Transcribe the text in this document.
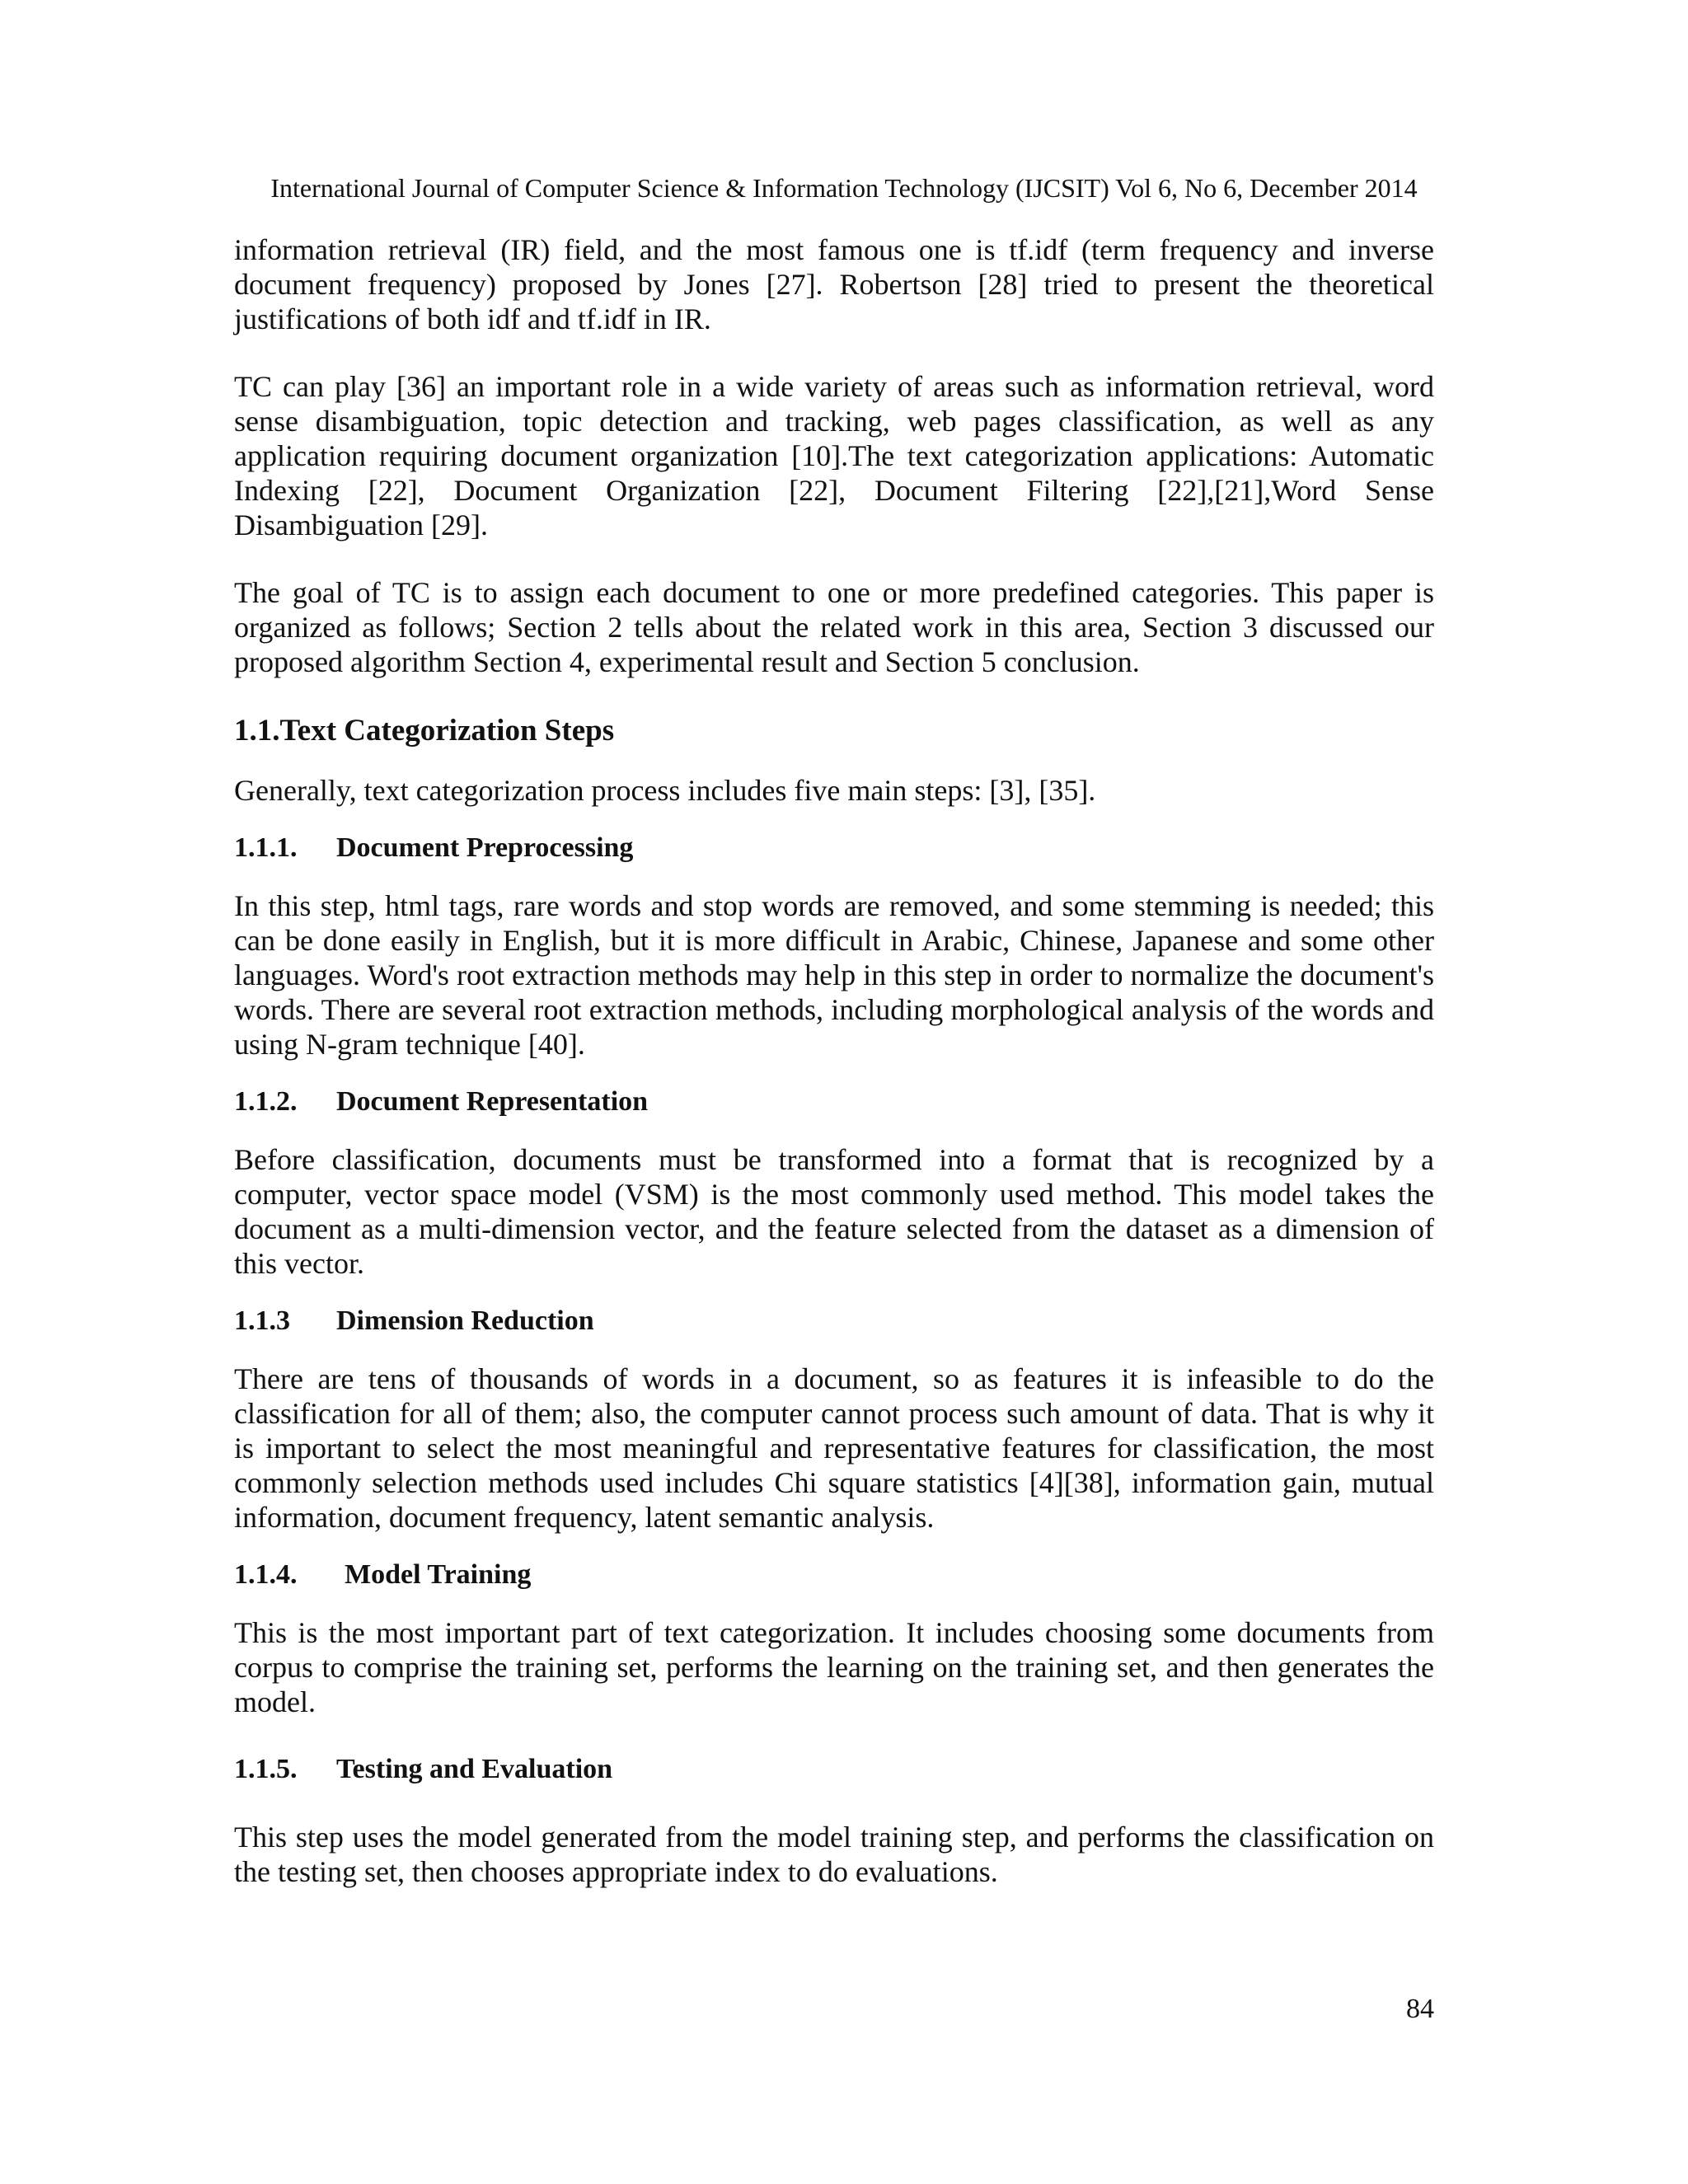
International Journal of Computer Science & Information Technology (IJCSIT) Vol 6, No 6, December 2014

information retrieval (IR) field, and the most famous one is tf.idf (term frequency and inverse document frequency) proposed by Jones [27]. Robertson [28] tried to present the theoretical justifications of both idf and tf.idf in IR.

TC can play [36] an important role in a wide variety of areas such as information retrieval, word sense disambiguation, topic detection and tracking, web pages classification, as well as any application requiring document organization [10].The text categorization applications: Automatic Indexing [22], Document Organization [22], Document Filtering [22],[21],Word Sense Disambiguation [29].

The goal of TC is to assign each document to one or more predefined categories. This paper is organized as follows; Section 2 tells about the related work in this area, Section 3 discussed our proposed algorithm Section 4, experimental result and Section 5 conclusion.

1.1.Text Categorization Steps

Generally, text categorization process includes five main steps: [3], [35].

1.1.1.	Document Preprocessing

In this step, html tags, rare words and stop words are removed, and some stemming is needed; this can be done easily in English, but it is more difficult in Arabic, Chinese, Japanese and some other languages. Word's root extraction methods may help in this step in order to normalize the document's words. There are several root extraction methods, including morphological analysis of the words and using N-gram technique [40].

1.1.2.	Document Representation

Before classification, documents must be transformed into a format that is recognized by a computer, vector space model (VSM) is the most commonly used method. This model takes the document as a multi-dimension vector, and the feature selected from the dataset as a dimension of this vector.

1.1.3	Dimension Reduction

There are tens of thousands of words in a document, so as features it is infeasible to do the classification for all of them; also, the computer cannot process such amount of data. That is why it is important to select the most meaningful and representative features for classification, the most commonly selection methods used includes Chi square statistics [4][38], information gain, mutual information, document frequency, latent semantic analysis.

1.1.4.	Model Training

This is the most important part of text categorization. It includes choosing some documents from corpus to comprise the training set, performs the learning on the training set, and then generates the model.

1.1.5.	Testing and Evaluation

This step uses the model generated from the model training step, and performs the classification on the testing set, then chooses appropriate index to do evaluations.

84
